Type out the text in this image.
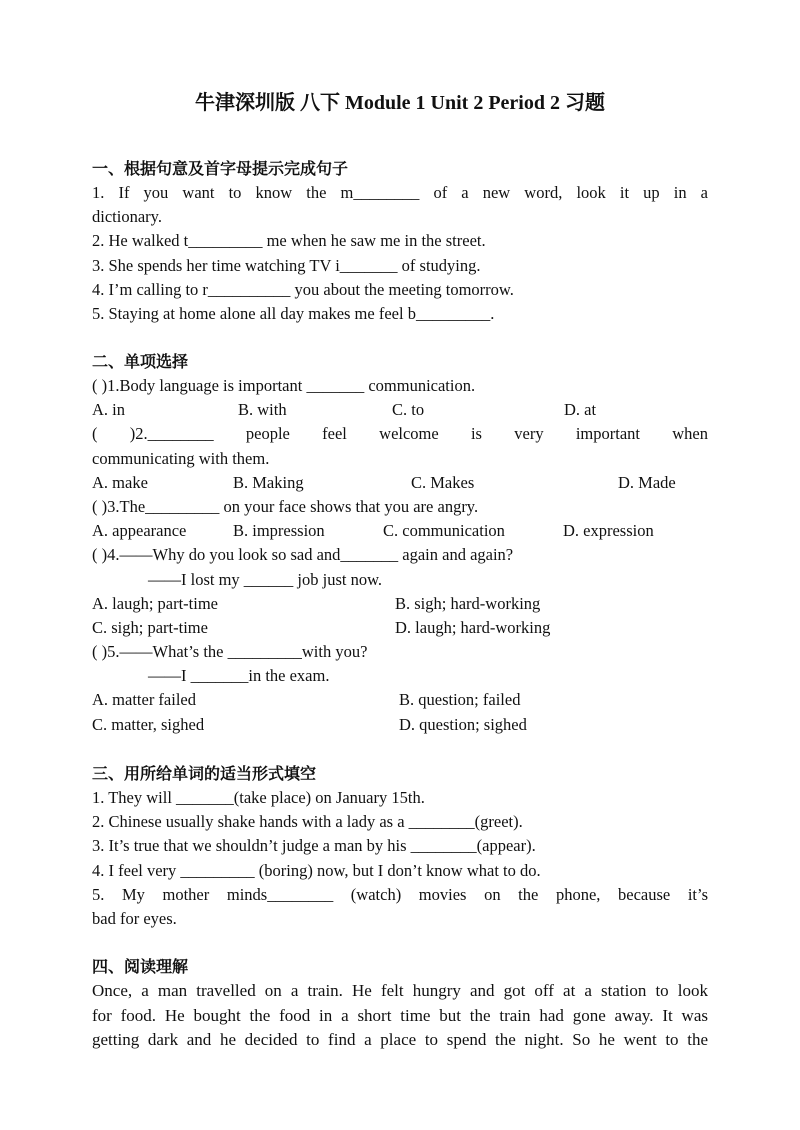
牛津深圳版 八下 Module 1 Unit 2 Period 2 习题
一、根据句意及首字母提示完成句子
1. If you want to know the m________ of a new word, look it up in a
dictionary.
2. He walked t_________ me when he saw me in the street.
3. She spends her time watching TV i_______ of studying.
4. I’m calling to r__________ you about the meeting tomorrow.
5. Staying at home alone all day makes me feel b_________.
二、单项选择
( )1.Body language is important _______ communication.
A. in	B. with	C. to	D. at
( )2.________ people feel welcome is very important when
communicating with them.
A. make	B. Making	C. Makes	D. Made
( )3.The_________ on your face shows that you are angry.
A. appearance	B. impression	C. communication	D. expression
( )4.——Why do you look so sad and_______ again and again?
——I lost my ______ job just now.
A. laugh; part-time	B. sigh; hard-working
C. sigh; part-time	D. laugh; hard-working
( )5.——What’s the _________with you?
——I _______in the exam.
A. matter failed	B. question; failed
C. matter, sighed	D. question; sighed
三、用所给单词的适当形式填空
1. They will _______(take place) on January 15th.
2. Chinese usually shake hands with a lady as a ________(greet).
3. It’s true that we shouldn’t judge a man by his ________(appear).
4. I feel very _________ (boring) now, but I don’t know what to do.
5. My mother minds________ (watch) movies on the phone, because it’s
bad for eyes.
四、阅读理解
Once, a man travelled on a train. He felt hungry and got off at a station to look
for food. He bought the food in a short time but the train had gone away. It was
getting dark and he decided to find a place to spend the night. So he went to the
